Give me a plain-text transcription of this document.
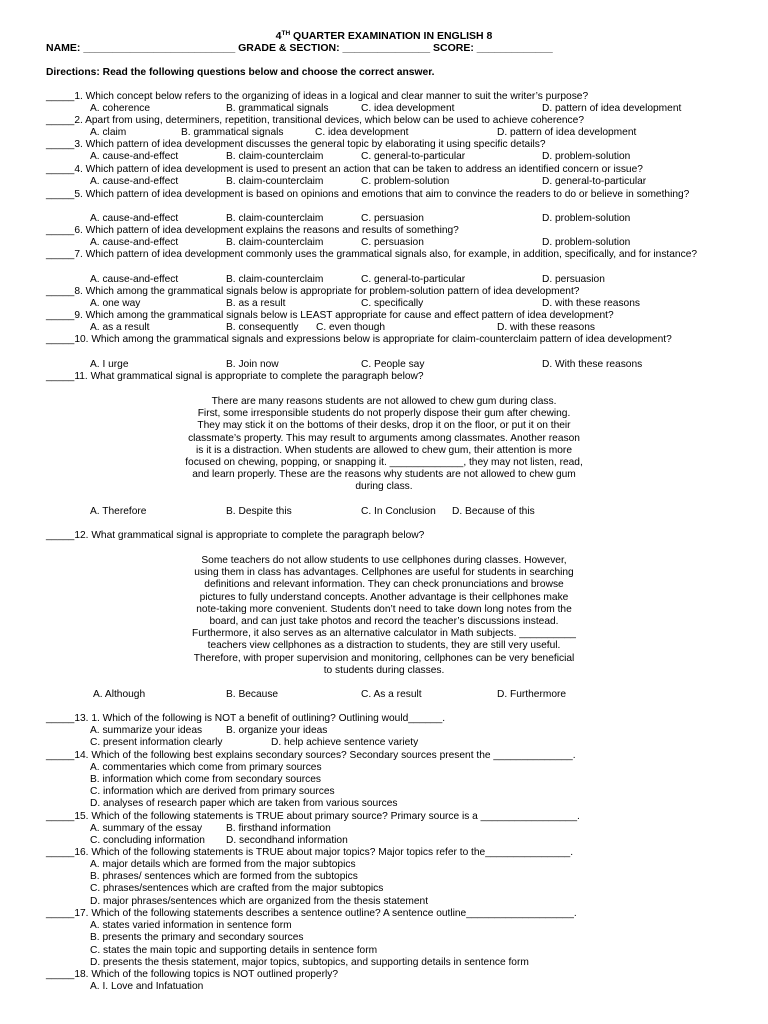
4TH QUARTER EXAMINATION IN ENGLISH 8
NAME: __________________________ GRADE & SECTION: _______________ SCORE: _____________
Directions: Read the following questions below and choose the correct answer.
_____1. Which concept below refers to the organizing of ideas in a logical and clear manner to suit the writer’s purpose?
A. coherence	B. grammatical signals	C. idea development	D. pattern of idea development
_____2. Apart from using, determiners, repetition, transitional devices, which below can be used to achieve coherence?
A. claim	B. grammatical signals	C. idea development	D. pattern of idea development
_____3. Which pattern of idea development discusses the general topic by elaborating it using specific details?
A. cause-and-effect	B. claim-counterclaim	C. general-to-particular	D. problem-solution
_____4. Which pattern of idea development is used to present an action that can be taken to address an identified concern or issue?
A. cause-and-effect	B. claim-counterclaim	C. problem-solution	D. general-to-particular
_____5. Which pattern of idea development is based on opinions and emotions that aim to convince the readers to do or believe in something?
A. cause-and-effect	B. claim-counterclaim	C. persuasion	D. problem-solution
_____6. Which pattern of idea development explains the reasons and results of something?
A. cause-and-effect	B. claim-counterclaim	C. persuasion	D. problem-solution
_____7. Which pattern of idea development commonly uses the grammatical signals also, for example, in addition, specifically, and for instance?
A. cause-and-effect	B. claim-counterclaim	C. general-to-particular	D. persuasion
_____8. Which among the grammatical signals below is appropriate for problem-solution pattern of idea development?
A. one way	B. as a result	C. specifically	D. with these reasons
_____9. Which among the grammatical signals below is LEAST appropriate for cause and effect pattern of idea development?
A. as a result	B. consequently C. even though	D. with these reasons
_____10. Which among the grammatical signals and expressions below is appropriate for claim-counterclaim pattern of idea development?
A. I urge	B. Join now	C. People say	D. With these reasons
_____11. What grammatical signal is appropriate to complete the paragraph below?

There are many reasons students are not allowed to chew gum during class.

First, some irresponsible students do not properly dispose their gum after chewing.

They may stick it on the bottoms of their desks, drop it on the floor, or put it on their

classmate’s property. This may result to arguments among classmates. Another reason

is it is a distraction. When students are allowed to chew gum, their attention is more

focused on chewing, popping, or snapping it. _____________, they may not listen, read,

and learn properly. These are the reasons why students are not allowed to chew gum

during class.

A. Therefore	B. Despite this	C. In Conclusion D. Because of this
_____12. What grammatical signal is appropriate to complete the paragraph below?

Some teachers do not allow students to use cellphones during classes. However,

using them in class has advantages. Cellphones are useful for students in searching

definitions and relevant information. They can check pronunciations and browse

pictures to fully understand concepts. Another advantage is their cellphones make

note-taking more convenient. Students don’t need to take down long notes from the

board, and can just take photos and record the teacher’s discussions instead.

Furthermore, it also serves as an alternative calculator in Math subjects. __________

teachers view cellphones as a distraction to students, they are still very useful.

Therefore, with proper supervision and monitoring, cellphones can be very beneficial

to students during classes.

A. Although	B. Because	C. As a result	D. Furthermore
_____13. 1. Which of the following is NOT a benefit of outlining? Outlining would______.
A. summarize your ideas B. organize your ideas
C. present information clearly	D. help achieve sentence variety
_____14. Which of the following best explains secondary sources? Secondary sources present the ______________.
A. commentaries which come from primary sources
B. information which come from secondary sources
C. information which are derived from primary sources
D. analyses of research paper which are taken from various sources
_____15. Which of the following statements is TRUE about primary source? Primary source is a _________________.
A. summary of the essay B. firsthand information
C. concluding information D. secondhand information
_____16. Which of the following statements is TRUE about major topics? Major topics refer to the_______________.
A. major details which are formed from the major subtopics
B. phrases/ sentences which are formed from the subtopics
C. phrases/sentences which are crafted from the major subtopics
D. major phrases/sentences which are organized from the thesis statement
_____17. Which of the following statements describes a sentence outline? A sentence outline___________________.
A. states varied information in sentence form
B. presents the primary and secondary sources
C. states the main topic and supporting details in sentence form
D. presents the thesis statement, major topics, subtopics, and supporting details in sentence form
_____18. Which of the following topics is NOT outlined properly?
A. I. Love and Infatuation
